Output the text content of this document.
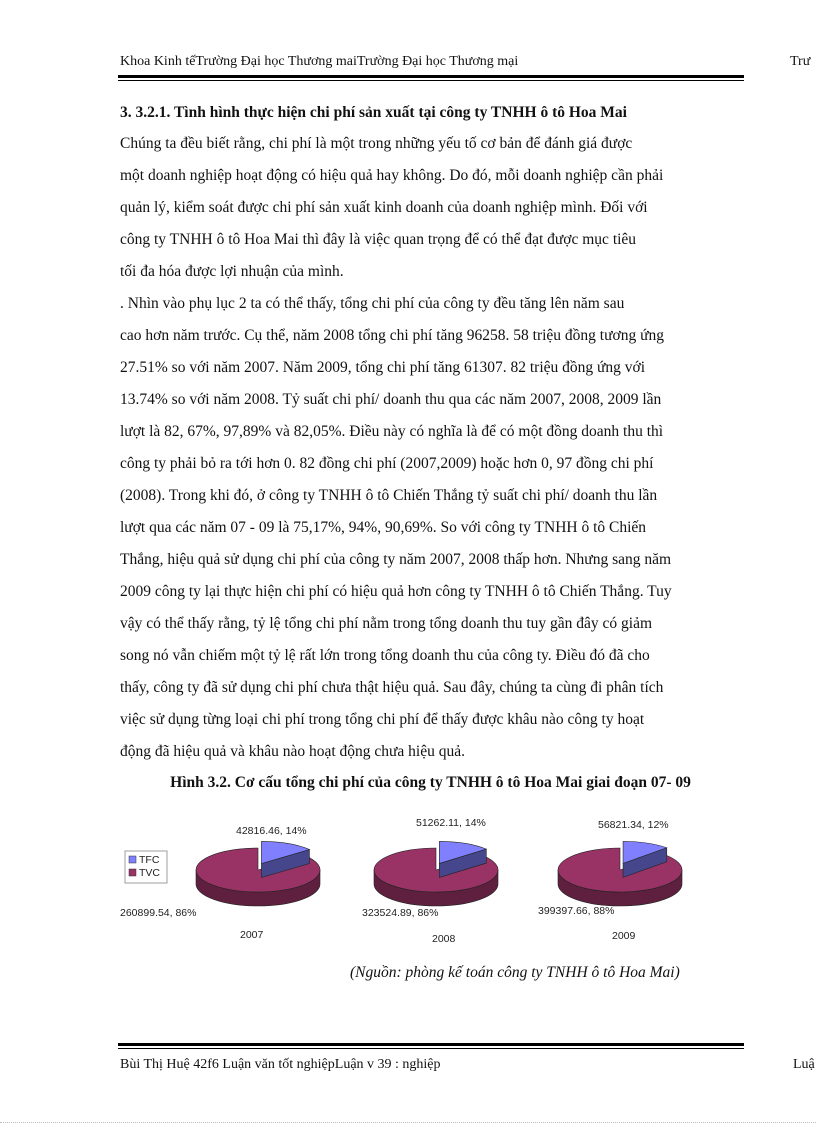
Khoa Kinh tếTrường Đại học Thương maiTrường Đại học Thương mại	Trư
3. 3.2.1. Tình hình thực hiện chi phí sản xuất tại công ty TNHH ô tô Hoa Mai
Chúng ta đều biết rằng, chi phí là một trong những yếu tố cơ bản để đánh giá được
một doanh nghiệp hoạt động có hiệu quả hay không. Do đó, mỗi doanh nghiệp cần phải
quản lý, kiểm soát được chi phí sản xuất kinh doanh của doanh nghiệp mình. Đối với
công ty TNHH ô tô Hoa Mai thì đây là việc quan trọng để có thể đạt được mục tiêu
tối đa hóa được lợi nhuận của mình.
. Nhìn vào phụ lục 2 ta có thể thấy, tổng chi phí của công ty đều tăng lên năm sau
cao hơn năm trước. Cụ thể, năm 2008 tổng chi phí tăng 96258. 58 triệu đồng tương ứng
27.51% so với năm 2007. Năm 2009, tổng chi phí tăng 61307. 82 triệu đồng ứng với
13.74% so với năm 2008. Tỷ suất chi phí/ doanh thu qua các năm 2007, 2008, 2009 lần
lượt là 82, 67%, 97,89% và 82,05%. Điều này có nghĩa là để có một đồng doanh thu thì
công ty phải bỏ ra tới hơn 0. 82 đồng chi phí (2007,2009) hoặc hơn 0, 97 đồng chi phí
(2008). Trong khi đó, ở công ty TNHH ô tô Chiến Thắng tỷ suất chi phí/ doanh thu lần
lượt qua các năm 07 - 09 là 75,17%, 94%, 90,69%. So với công ty TNHH ô tô Chiến
Thắng, hiệu quả sử dụng chi phí của công ty năm 2007, 2008 thấp hơn. Nhưng sang năm
2009 công ty lại thực hiện chi phí có hiệu quả hơn công ty TNHH ô tô Chiến Thắng. Tuy
vậy có thể thấy rằng, tỷ lệ tổng chi phí nằm trong tổng doanh thu tuy gần đây có giảm
song nó vẫn chiếm một tỷ lệ rất lớn trong tổng doanh thu của công ty. Điều đó đã cho
thấy, công ty đã sử dụng chi phí chưa thật hiệu quả. Sau đây, chúng ta cùng đi phân tích
việc sử dụng từng loại chi phí trong tổng chi phí để thấy được khâu nào công ty hoạt
động đã hiệu quả và khâu nào hoạt động chưa hiệu quả.
Hình 3.2. Cơ cấu tổng chi phí của công ty TNHH ô tô Hoa Mai giai đoạn 07- 09
TFC
TVC
42816.46, 14%
260899.54, 86%
2007
51262.11, 14%
323524.89, 86%
2008
56821.34, 12%
399397.66, 88%
2009
(Nguồn: phòng kế toán công ty TNHH ô tô Hoa Mai)
Bùi Thị Huệ 42f6 Luận văn tốt nghiệpLuận v 39 : nghiệp	Luậ
